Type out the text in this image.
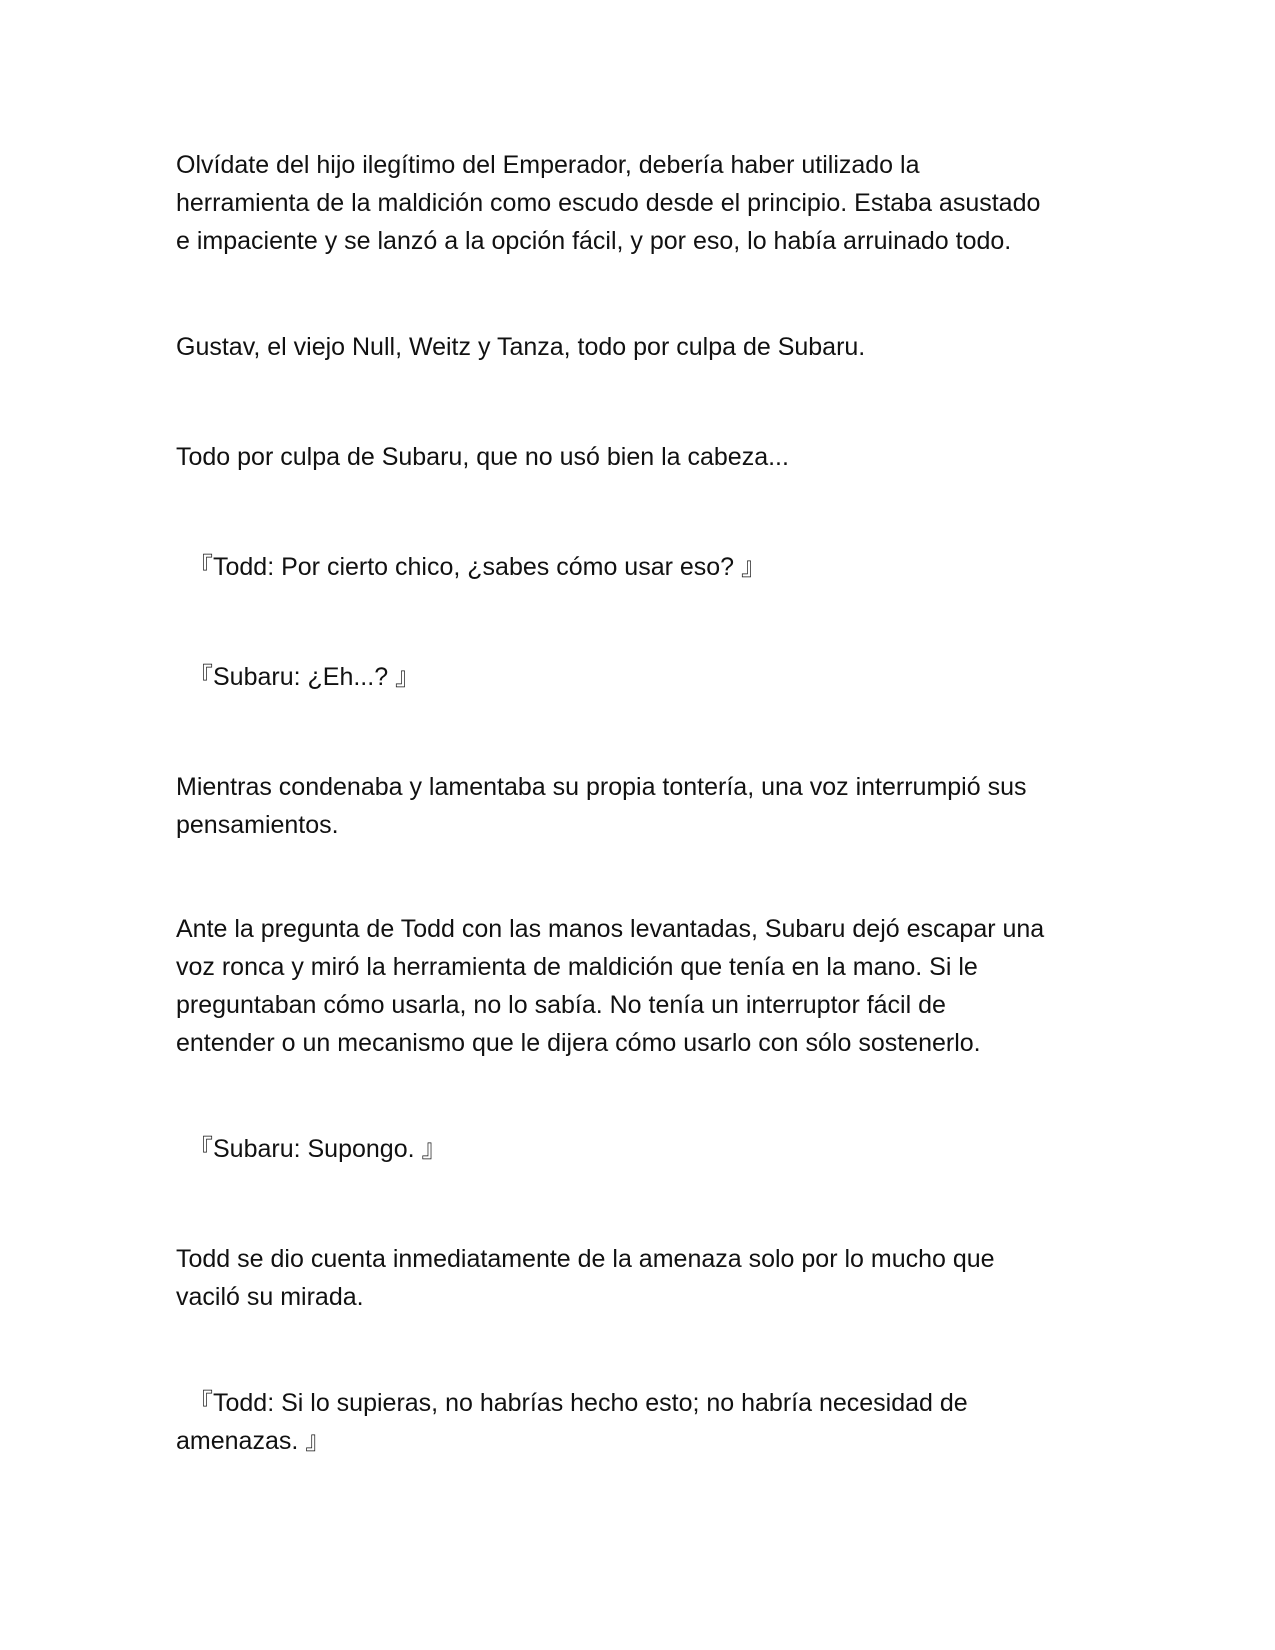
Olvídate del hijo ilegítimo del Emperador, debería haber utilizado la
herramienta de la maldición como escudo desde el principio. Estaba asustado
e impaciente y se lanzó a la opción fácil, y por eso, lo había arruinado todo.

Gustav, el viejo Null, Weitz y Tanza, todo por culpa de Subaru.

Todo por culpa de Subaru, que no usó bien la cabeza...

『Todd: Por cierto chico, ¿sabes cómo usar eso? 』

『Subaru: ¿Eh...? 』

Mientras condenaba y lamentaba su propia tontería, una voz interrumpió sus
pensamientos.

Ante la pregunta de Todd con las manos levantadas, Subaru dejó escapar una
voz ronca y miró la herramienta de maldición que tenía en la mano. Si le
preguntaban cómo usarla, no lo sabía. No tenía un interruptor fácil de
entender o un mecanismo que le dijera cómo usarlo con sólo sostenerlo.

『Subaru: Supongo. 』

Todd se dio cuenta inmediatamente de la amenaza solo por lo mucho que
vaciló su mirada.

『Todd: Si lo supieras, no habrías hecho esto; no habría necesidad de
amenazas. 』
